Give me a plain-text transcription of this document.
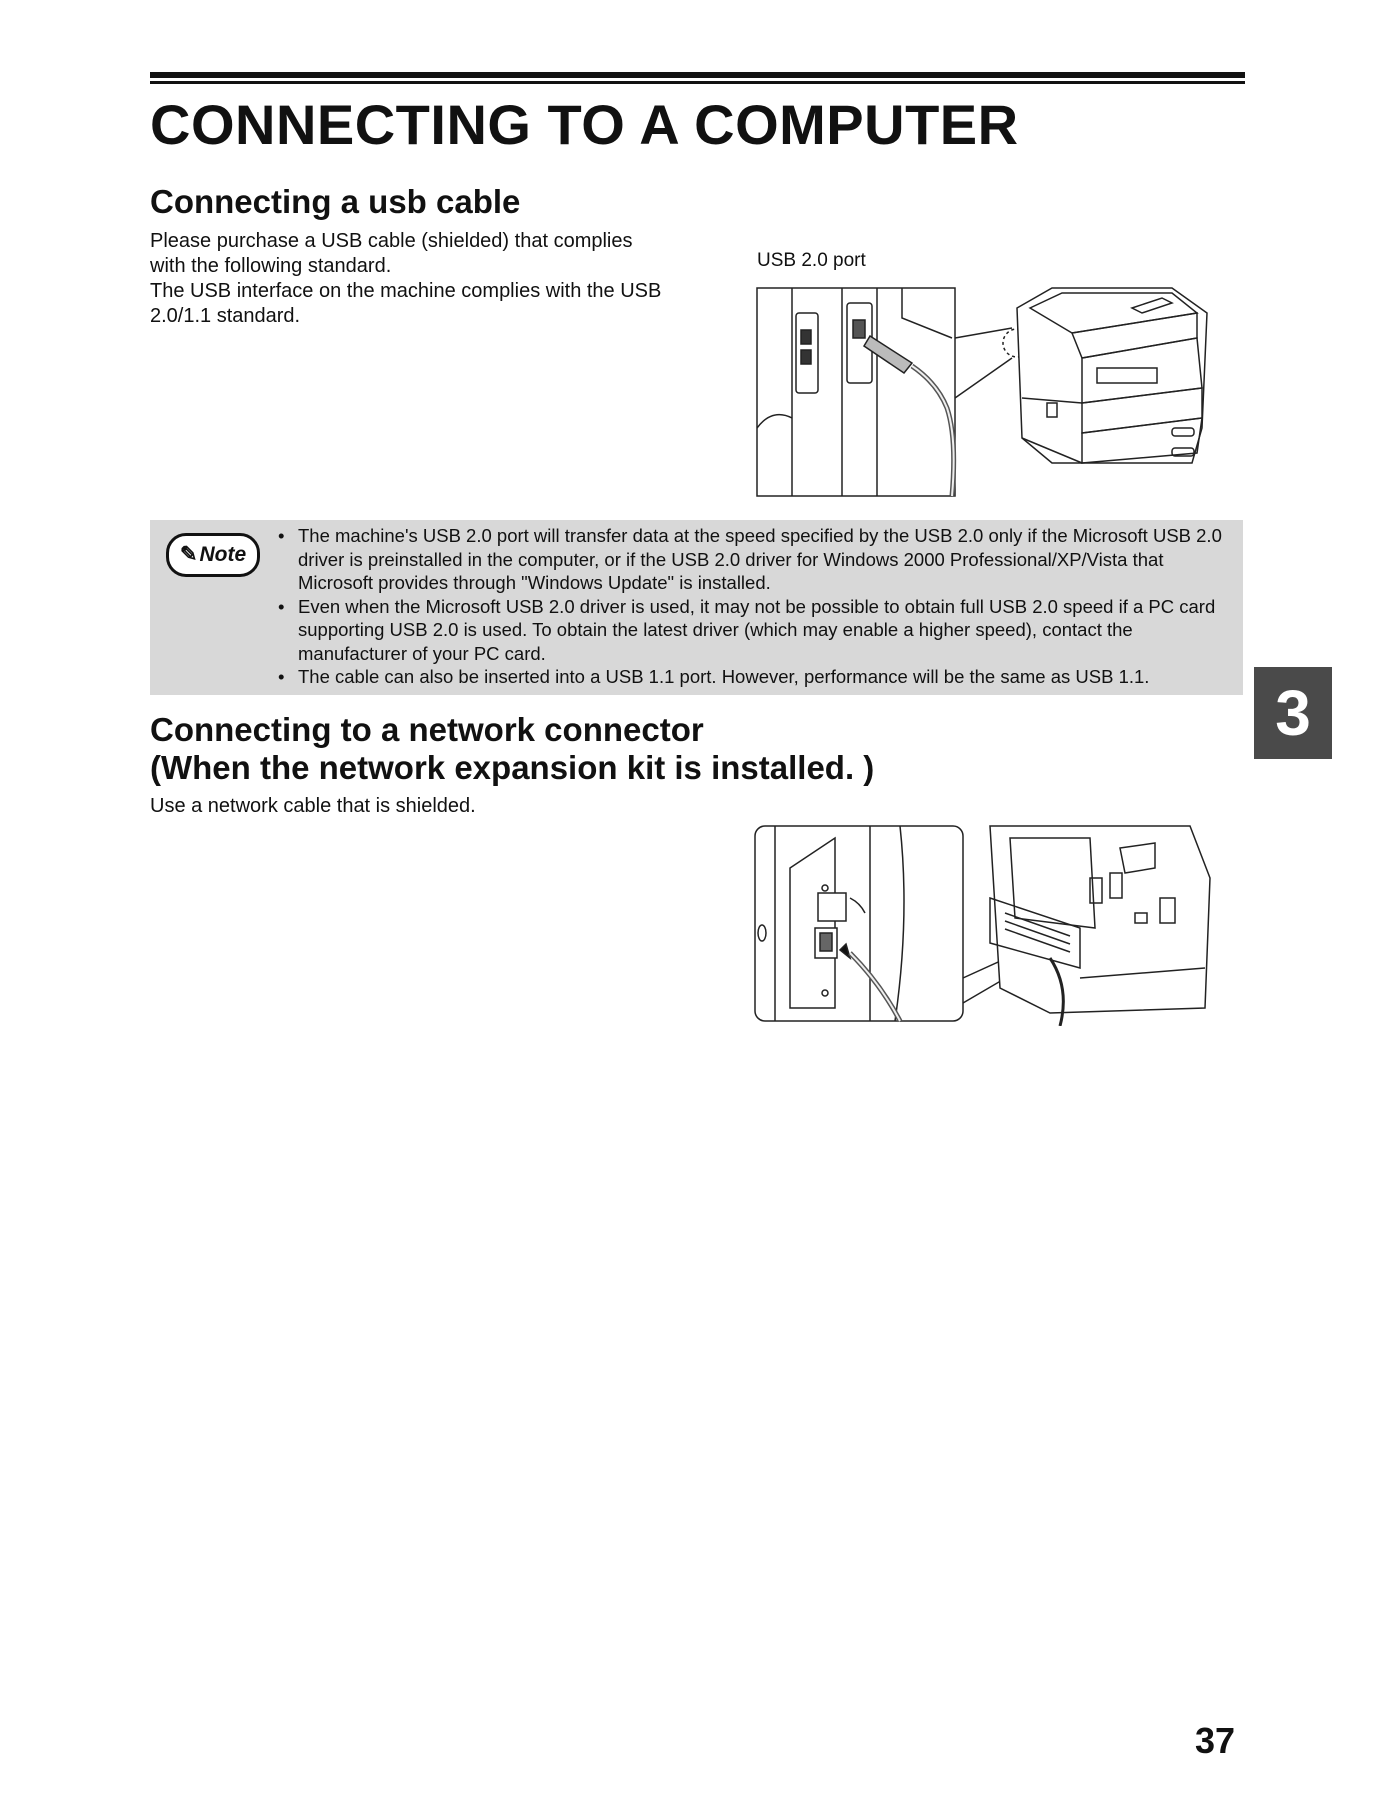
CONNECTING TO A COMPUTER
Connecting a usb cable

Please purchase a USB cable (shielded) that complies with the following standard.

The USB interface on the machine complies with the USB 2.0/1.1 standard.

USB 2.0 port
✎Note
• The machine's USB 2.0 port will transfer data at the speed specified by the USB 2.0 only if the Microsoft USB 2.0 driver is preinstalled in the computer, or if the USB 2.0 driver for Windows 2000 Professional/XP/Vista that Microsoft provides through "Windows Update" is installed.
• Even when the Microsoft USB 2.0 driver is used, it may not be possible to obtain full USB 2.0 speed if a PC card supporting USB 2.0 is used. To obtain the latest driver (which may enable a higher speed), contact the manufacturer of your PC card.
• The cable can also be inserted into a USB 1.1 port. However, performance will be the same as USB 1.1.
3
Connecting to a network connector
(When the network expansion kit is installed. )

Use a network cable that is shielded.

37
